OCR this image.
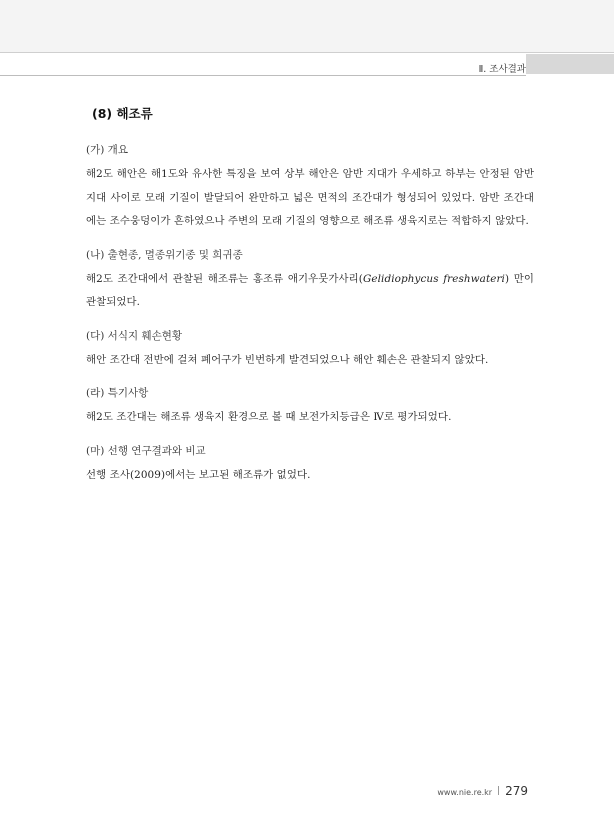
Ⅱ. 조사결과
(8) 해조류
(가) 개요
해2도 해안은 해1도와 유사한 특징을 보여 상부 해안은 암반 지대가 우세하고 하부는 안정된 암반 지대 사이로 모래 기질이 발달되어 완만하고 넓은 면적의 조간대가 형성되어 있었다. 암반 조간대에는 조수웅덩이가 흔하였으나 주변의 모래 기질의 영향으로 해조류 생육지로는 적합하지 않았다.
(나) 출현종, 멸종위기종 및 희귀종
해2도 조간대에서 관찰된 해조류는 홍조류 애기우뭇가사리(Gelidiophycus freshwateri) 만이 관찰되었다.
(다) 서식지 훼손현황
해안 조간대 전반에 걸쳐 폐어구가 빈번하게 발견되었으나 해안 훼손은 관찰되지 않았다.
(라) 특기사항
해2도 조간대는 해조류 생육지 환경으로 볼 때 보전가치등급은 Ⅳ로 평가되었다.
(마) 선행 연구결과와 비교
선행 조사(2009)에서는 보고된 해조류가 없었다.
www.nie.re.kr 279
